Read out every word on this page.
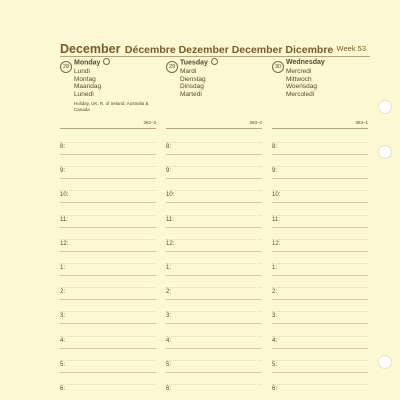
December Décembre Dezember December Dicembre Week 53
28
Monday
Lundi
Montag
Maandag
Lunedì
Holiday, UK, R. of Ireland, Australia & Canada
362–3
8:
9:
10:
11:
12:
1:
2:
3:
4:
5:
6:
29
Tuesday
Mardi
Dienstag
Dinsdag
Martedì
363–2
8:
9:
10:
11:
12:
1:
2:
3:
4:
5:
6:
30
Wednesday
Mercredi
Mittwoch
Woensdag
Mercoledì
364–1
8:
9:
10:
11:
12:
1:
2:
3:
4:
5:
6:
